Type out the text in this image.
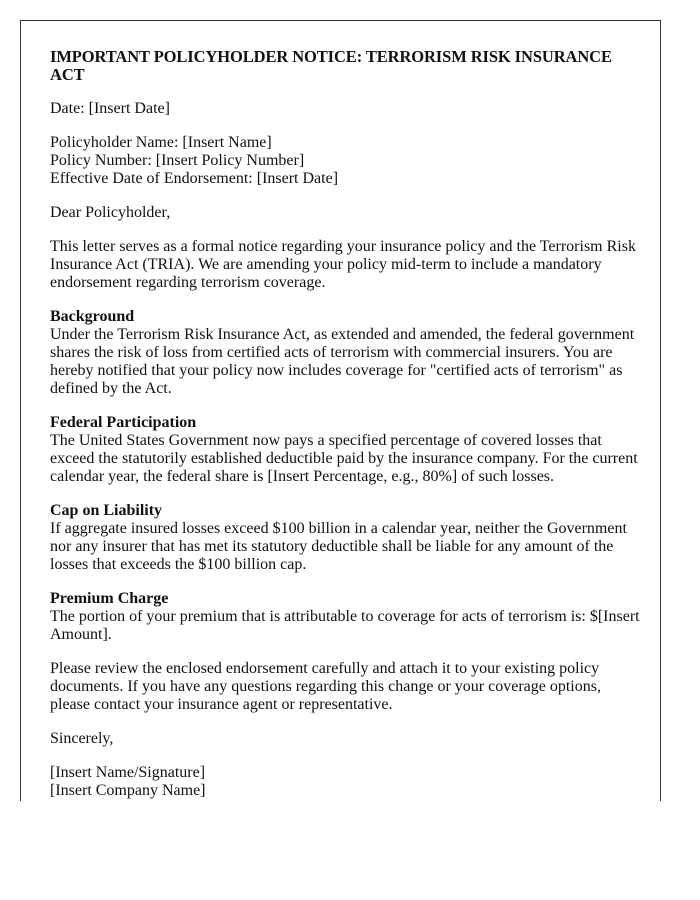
IMPORTANT POLICYHOLDER NOTICE: TERRORISM RISK INSURANCE ACT

Date: [Insert Date]

Policyholder Name: [Insert Name]
Policy Number: [Insert Policy Number]
Effective Date of Endorsement: [Insert Date]

Dear Policyholder,

This letter serves as a formal notice regarding your insurance policy and the Terrorism Risk Insurance Act (TRIA). We are amending your policy mid-term to include a mandatory endorsement regarding terrorism coverage.

Background
Under the Terrorism Risk Insurance Act, as extended and amended, the federal government shares the risk of loss from certified acts of terrorism with commercial insurers. You are hereby notified that your policy now includes coverage for "certified acts of terrorism" as defined by the Act.

Federal Participation
The United States Government now pays a specified percentage of covered losses that exceed the statutorily established deductible paid by the insurance company. For the current calendar year, the federal share is [Insert Percentage, e.g., 80%] of such losses.

Cap on Liability
If aggregate insured losses exceed $100 billion in a calendar year, neither the Government nor any insurer that has met its statutory deductible shall be liable for any amount of the losses that exceeds the $100 billion cap.

Premium Charge
The portion of your premium that is attributable to coverage for acts of terrorism is: $[Insert Amount].

Please review the enclosed endorsement carefully and attach it to your existing policy documents. If you have any questions regarding this change or your coverage options, please contact your insurance agent or representative.

Sincerely,

[Insert Name/Signature]
[Insert Company Name]
